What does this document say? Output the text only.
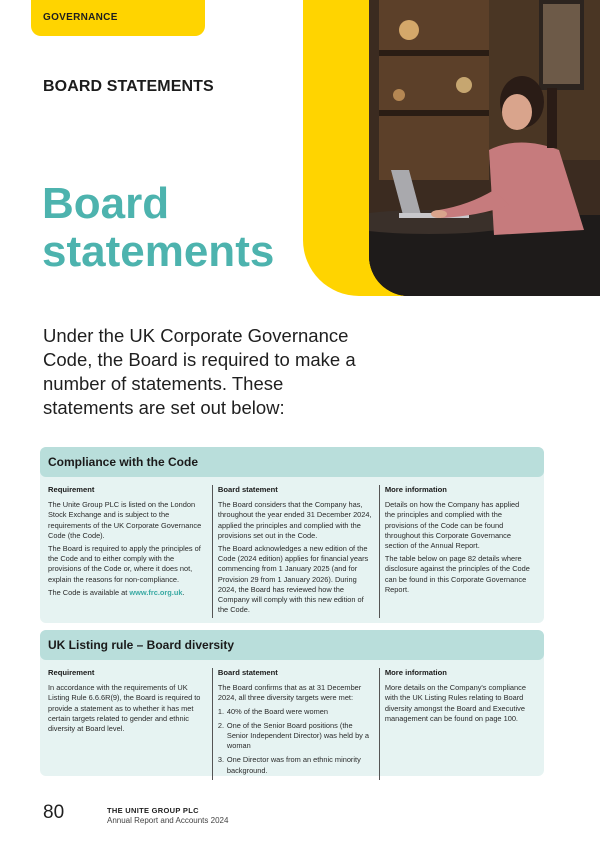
GOVERNANCE
BOARD STATEMENTS
Board
statements
Under the UK Corporate Governance Code, the Board is required to make a number of statements. These statements are set out below:
Compliance with the Code
Requirement

The Unite Group PLC is listed on the London Stock Exchange and is subject to the requirements of the UK Corporate Governance Code (the Code).

The Board is required to apply the principles of the Code and to either comply with the provisions of the Code or, where it does not, explain the reasons for non-compliance.

The Code is available at www.frc.org.uk.

Board statement

The Board considers that the Company has, throughout the year ended 31 December 2024, applied the principles and complied with the provisions set out in the Code.

The Board acknowledges a new edition of the Code (2024 edition) applies for financial years commencing from 1 January 2025 (and for Provision 29 from 1 January 2026). During 2024, the Board has reviewed how the Company will comply with this new edition of the Code.

More information

Details on how the Company has applied the principles and complied with the provisions of the Code can be found throughout this Corporate Governance section of the Annual Report.

The table below on page 82 details where disclosure against the principles of the Code can be found in this Corporate Governance Report.

UK Listing rule – Board diversity
Requirement

In accordance with the requirements of UK Listing Rule 6.6.6R(9), the Board is required to provide a statement as to whether it has met certain targets related to gender and ethnic diversity at Board level.

Board statement

The Board confirms that as at 31 December 2024, all three diversity targets were met:

1. 40% of the Board were women
2. One of the Senior Board positions (the Senior Independent Director) was held by a woman
3. One Director was from an ethnic minority background.
More information

More details on the Company's compliance with the UK Listing Rules relating to Board diversity amongst the Board and Executive management can be found on page 100.

80	THE UNITE GROUP PLC
Annual Report and Accounts 2024
